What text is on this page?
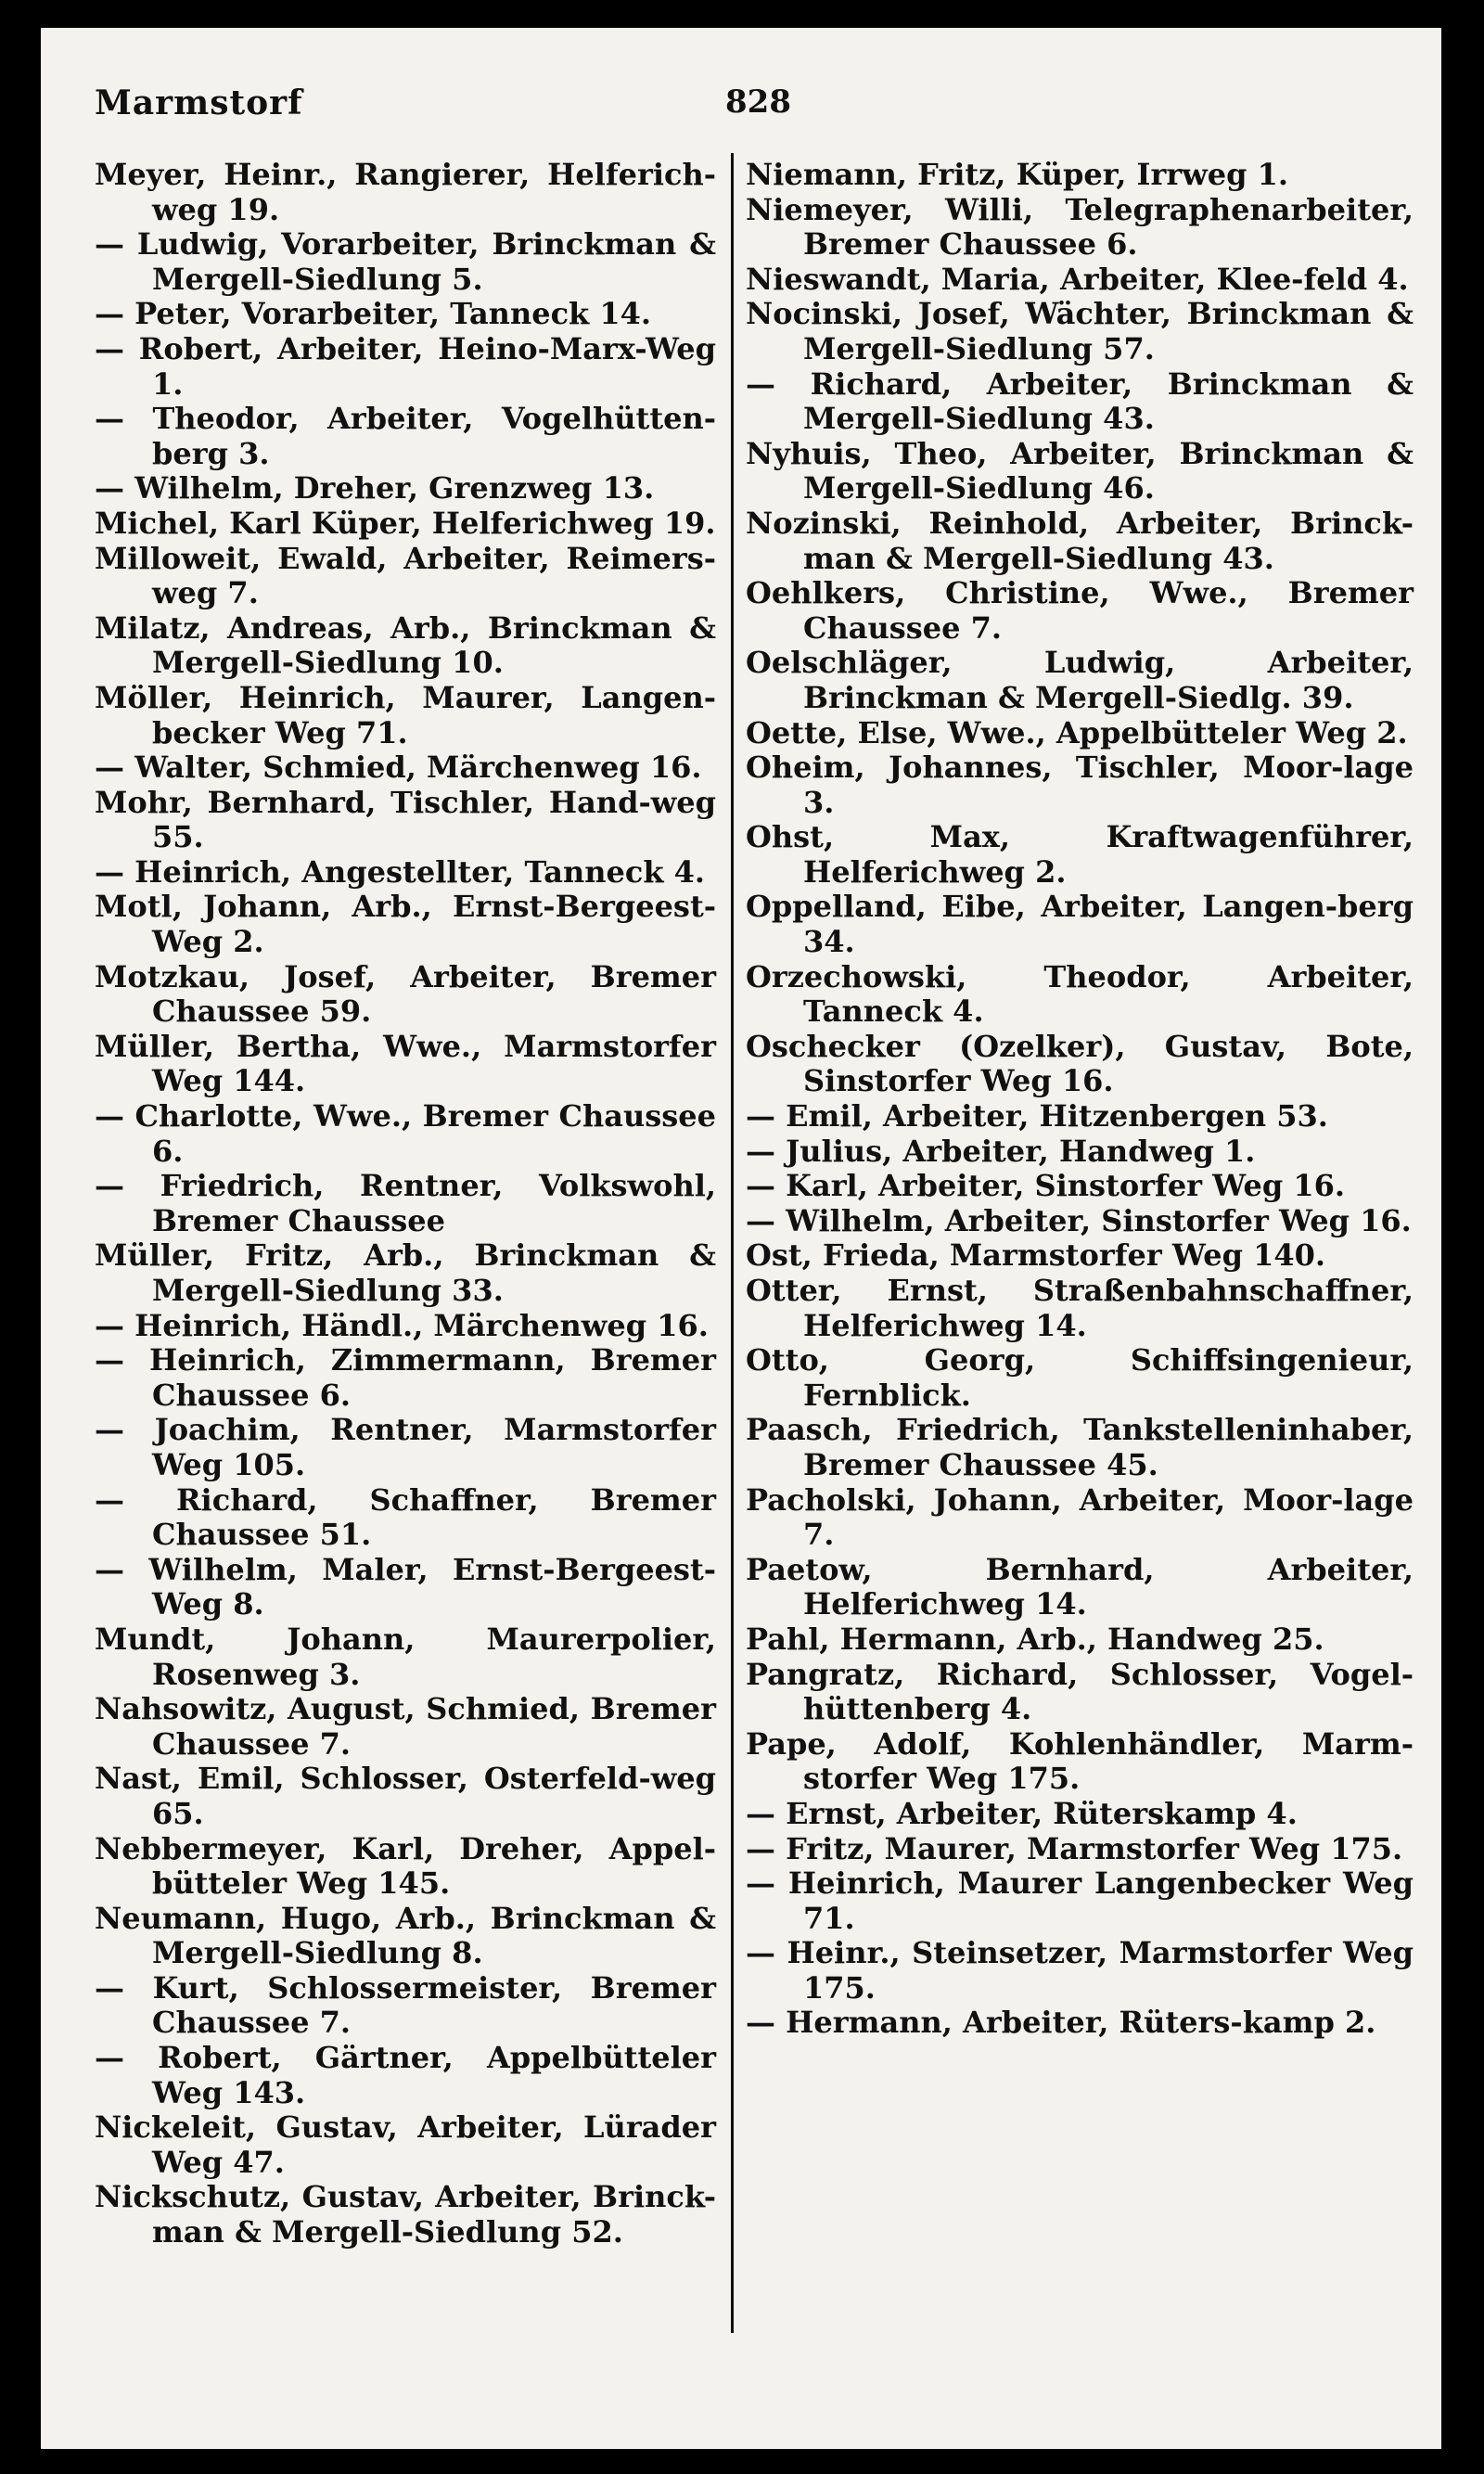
Marmstorf	828

Meyer, Heinr., Rangierer, Helferich-weg 19.

— Ludwig, Vorarbeiter, Brinckman & Mergell-Siedlung 5.

— Peter, Vorarbeiter, Tanneck 14.

— Robert, Arbeiter, Heino-Marx-Weg 1.

— Theodor, Arbeiter, Vogelhütten-berg 3.

— Wilhelm, Dreher, Grenzweg 13.

Michel, Karl Küper, Helferichweg 19.

Milloweit, Ewald, Arbeiter, Reimers-weg 7.

Milatz, Andreas, Arb., Brinckman & Mergell-Siedlung 10.

Möller, Heinrich, Maurer, Langen-becker Weg 71.

— Walter, Schmied, Märchenweg 16.

Mohr, Bernhard, Tischler, Hand-weg 55.

— Heinrich, Angestellter, Tanneck 4.

Motl, Johann, Arb., Ernst-Bergeest-Weg 2.

Motzkau, Josef, Arbeiter, Bremer Chaussee 59.

Müller, Bertha, Wwe., Marmstorfer Weg 144.

— Charlotte, Wwe., Bremer Chaussee 6.

— Friedrich, Rentner, Volkswohl, Bremer Chaussee

Müller, Fritz, Arb., Brinckman & Mergell-Siedlung 33.

— Heinrich, Händl., Märchenweg 16.

— Heinrich, Zimmermann, Bremer Chaussee 6.

— Joachim, Rentner, Marmstorfer Weg 105.

— Richard, Schaffner, Bremer Chaussee 51.

— Wilhelm, Maler, Ernst-Bergeest-Weg 8.

Mundt, Johann, Maurerpolier, Rosenweg 3.

Nahsowitz, August, Schmied, Bremer Chaussee 7.

Nast, Emil, Schlosser, Osterfeld-weg 65.

Nebbermeyer, Karl, Dreher, Appel-bütteler Weg 145.

Neumann, Hugo, Arb., Brinckman & Mergell-Siedlung 8.

— Kurt, Schlossermeister, Bremer Chaussee 7.

— Robert, Gärtner, Appelbütteler Weg 143.

Nickeleit, Gustav, Arbeiter, Lürader Weg 47.

Nickschutz, Gustav, Arbeiter, Brinck-man & Mergell-Siedlung 52.

Niemann, Fritz, Küper, Irrweg 1.

Niemeyer, Willi, Telegraphenarbeiter, Bremer Chaussee 6.

Nieswandt, Maria, Arbeiter, Klee-feld 4.

Nocinski, Josef, Wächter, Brinckman & Mergell-Siedlung 57.

— Richard, Arbeiter, Brinckman & Mergell-Siedlung 43.

Nyhuis, Theo, Arbeiter, Brinckman & Mergell-Siedlung 46.

Nozinski, Reinhold, Arbeiter, Brinck-man & Mergell-Siedlung 43.

Oehlkers, Christine, Wwe., Bremer Chaussee 7.

Oelschläger, Ludwig, Arbeiter, Brinckman & Mergell-Siedlg. 39.

Oette, Else, Wwe., Appelbütteler Weg 2.

Oheim, Johannes, Tischler, Moor-lage 3.

Ohst, Max, Kraftwagenführer, Helferichweg 2.

Oppelland, Eibe, Arbeiter, Langen-berg 34.

Orzechowski, Theodor, Arbeiter, Tanneck 4.

Oschecker (Ozelker), Gustav, Bote, Sinstorfer Weg 16.

— Emil, Arbeiter, Hitzenbergen 53.

— Julius, Arbeiter, Handweg 1.

— Karl, Arbeiter, Sinstorfer Weg 16.

— Wilhelm, Arbeiter, Sinstorfer Weg 16.

Ost, Frieda, Marmstorfer Weg 140.

Otter, Ernst, Straßenbahnschaffner, Helferichweg 14.

Otto, Georg, Schiffsingenieur, Fernblick.

Paasch, Friedrich, Tankstelleninhaber, Bremer Chaussee 45.

Pacholski, Johann, Arbeiter, Moor-lage 7.

Paetow, Bernhard, Arbeiter, Helferichweg 14.

Pahl, Hermann, Arb., Handweg 25.

Pangratz, Richard, Schlosser, Vogel-hüttenberg 4.

Pape, Adolf, Kohlenhändler, Marm-storfer Weg 175.

— Ernst, Arbeiter, Rüterskamp 4.

— Fritz, Maurer, Marmstorfer Weg 175.

— Heinrich, Maurer Langenbecker Weg 71.

— Heinr., Steinsetzer, Marmstorfer Weg 175.

— Hermann, Arbeiter, Rüters-kamp 2.
